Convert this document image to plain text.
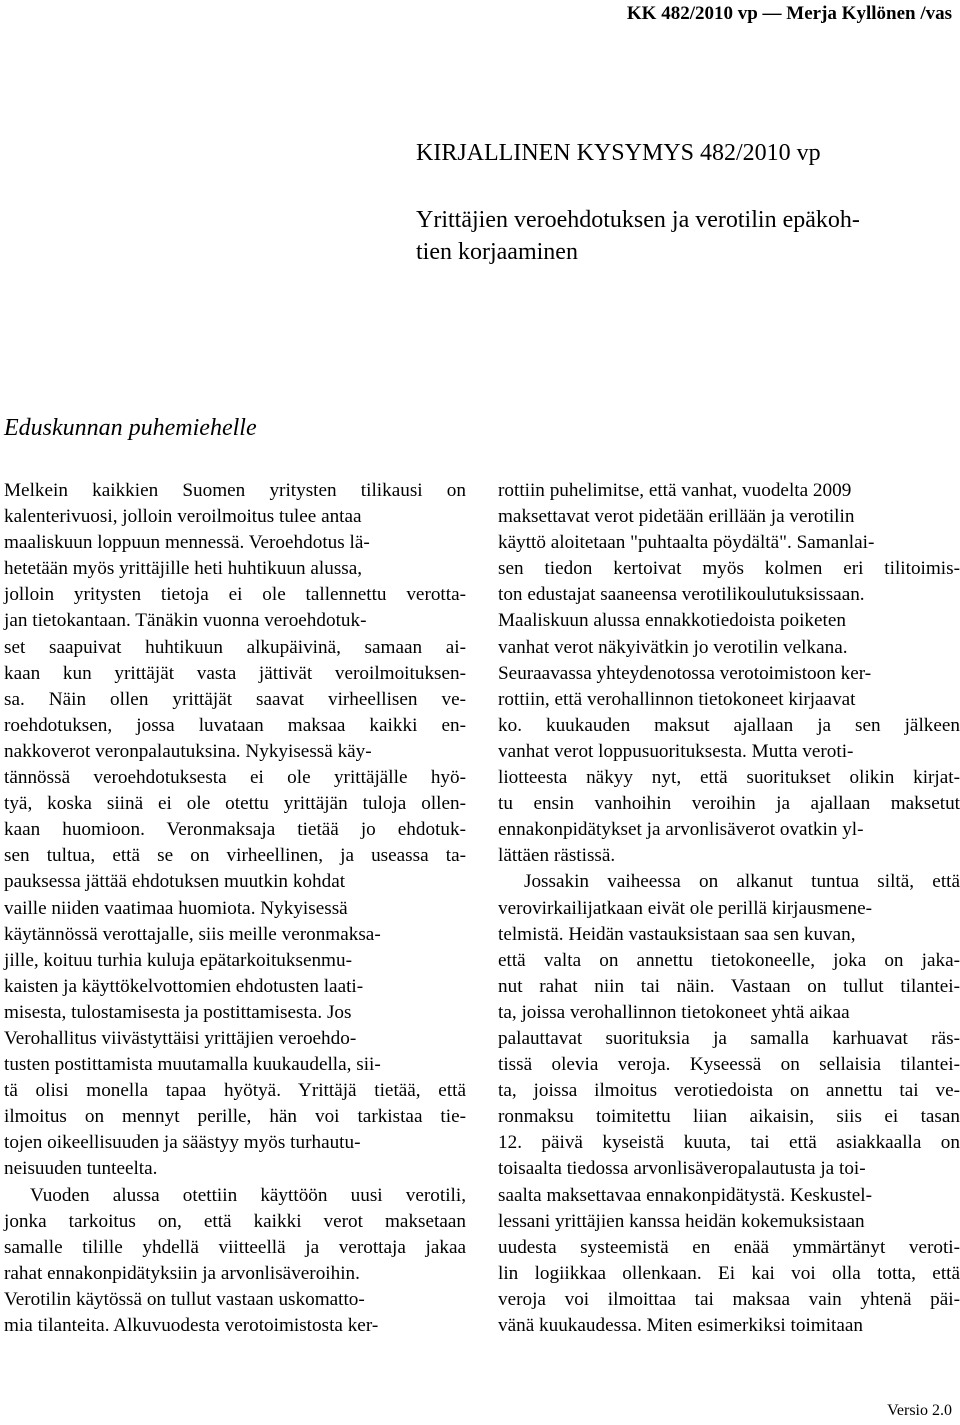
KK 482/2010 vp — Merja Kyllönen /vas
KIRJALLINEN KYSYMYS 482/2010 vp
Yrittäjien veroehdotuksen ja verotilin epäkoh-
tien korjaaminen
Eduskunnan puhemiehelle
Melkein kaikkien Suomen yritysten tilikausi on
kalenterivuosi, jolloin veroilmoitus tulee antaa
maaliskuun loppuun mennessä. Veroehdotus lä-
hetetään myös yrittäjille heti huhtikuun alussa,
jolloin yritysten tietoja ei ole tallennettu verotta-
jan tietokantaan. Tänäkin vuonna veroehdotuk-
set saapuivat huhtikuun alkupäivinä, samaan ai-
kaan kun yrittäjät vasta jättivät veroilmoituksen-
sa. Näin ollen yrittäjät saavat virheellisen ve-
roehdotuksen, jossa luvataan maksaa kaikki en-
nakkoverot veronpalautuksina. Nykyisessä käy-
tännössä veroehdotuksesta ei ole yrittäjälle hyö-
tyä, koska siinä ei ole otettu yrittäjän tuloja ollen-
kaan huomioon. Veronmaksaja tietää jo ehdotuk-
sen tultua, että se on virheellinen, ja useassa ta-
pauksessa jättää ehdotuksen muutkin kohdat
vaille niiden vaatimaa huomiota. Nykyisessä
käytännössä verottajalle, siis meille veronmaksa-
jille, koituu turhia kuluja epätarkoituksenmu-
kaisten ja käyttökelvottomien ehdotusten laati-
misesta, tulostamisesta ja postittamisesta. Jos
Verohallitus viivästyttäisi yrittäjien veroehdo-
tusten postittamista muutamalla kuukaudella, sii-
tä olisi monella tapaa hyötyä. Yrittäjä tietää, että
ilmoitus on mennyt perille, hän voi tarkistaa tie-
tojen oikeellisuuden ja säästyy myös turhautu-
neisuuden tunteelta.
Vuoden alussa otettiin käyttöön uusi verotili,
jonka tarkoitus on, että kaikki verot maksetaan
samalle tilille yhdellä viitteellä ja verottaja jakaa
rahat ennakonpidätyksiin ja arvonlisäveroihin.
Verotilin käytössä on tullut vastaan uskomatto-
mia tilanteita. Alkuvuodesta verotoimistosta ker-
rottiin puhelimitse, että vanhat, vuodelta 2009
maksettavat verot pidetään erillään ja verotilin
käyttö aloitetaan "puhtaalta pöydältä". Samanlai-
sen tiedon kertoivat myös kolmen eri tilitoimis-
ton edustajat saaneensa verotilikoulutuksissaan.
Maaliskuun alussa ennakkotiedoista poiketen
vanhat verot näkyivätkin jo verotilin velkana.
Seuraavassa yhteydenotossa verotoimistoon ker-
rottiin, että verohallinnon tietokoneet kirjaavat
ko. kuukauden maksut ajallaan ja sen jälkeen
vanhat verot loppusuorituksesta. Mutta veroti-
liotteesta näkyy nyt, että suoritukset olikin kirjat-
tu ensin vanhoihin veroihin ja ajallaan maksetut
ennakonpidätykset ja arvonlisäverot ovatkin yl-
lättäen rästissä.
Jossakin vaiheessa on alkanut tuntua siltä, että
verovirkailijatkaan eivät ole perillä kirjausmene-
telmistä. Heidän vastauksistaan saa sen kuvan,
että valta on annettu tietokoneelle, joka on jaka-
nut rahat niin tai näin. Vastaan on tullut tilantei-
ta, joissa verohallinnon tietokoneet yhtä aikaa
palauttavat suorituksia ja samalla karhuavat räs-
tissä olevia veroja. Kyseessä on sellaisia tilantei-
ta, joissa ilmoitus verotiedoista on annettu tai ve-
ronmaksu toimitettu liian aikaisin, siis ei tasan
12. päivä kyseistä kuuta, tai että asiakkaalla on
toisaalta tiedossa arvonlisäveropalautusta ja toi-
saalta maksettavaa ennakonpidätystä. Keskustel-
lessani yrittäjien kanssa heidän kokemuksistaan
uudesta systeemistä en enää ymmärtänyt veroti-
lin logiikkaa ollenkaan. Ei kai voi olla totta, että
veroja voi ilmoittaa tai maksaa vain yhtenä päi-
vänä kuukaudessa. Miten esimerkiksi toimitaan
Versio 2.0
